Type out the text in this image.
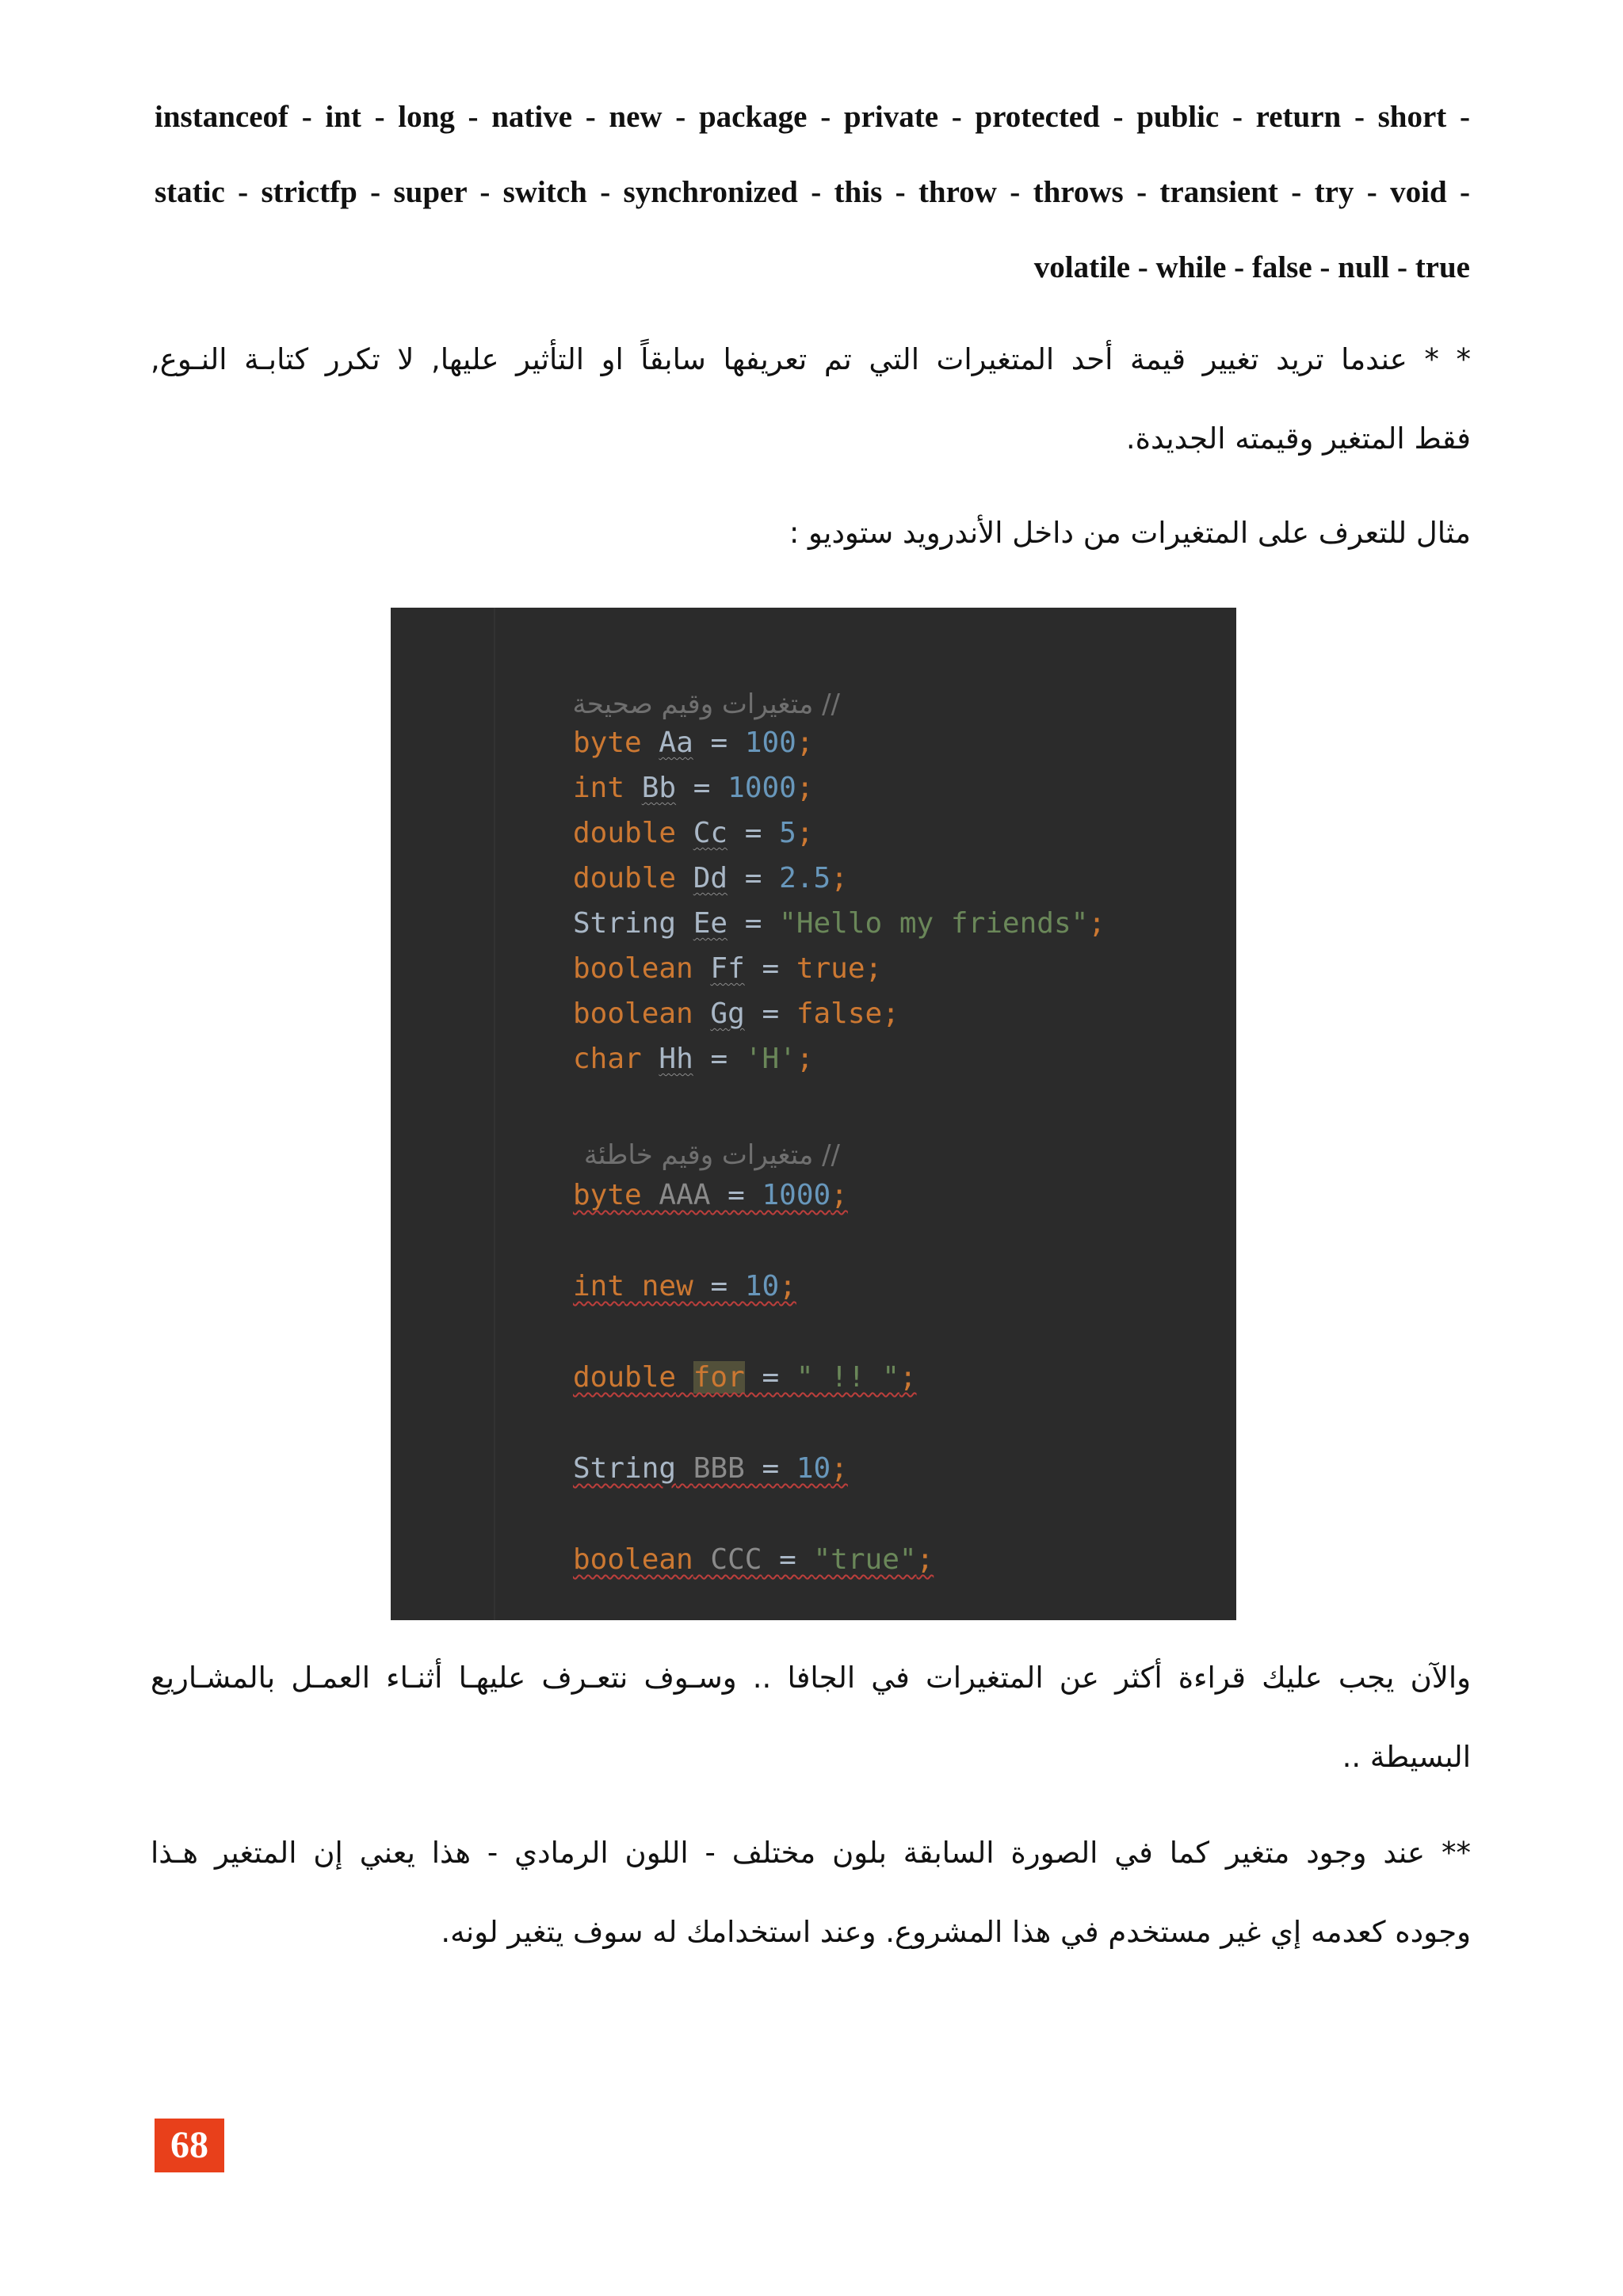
instanceof - int - long - native - new - package - private - protected - public - return - short -
static - strictfp - super - switch - synchronized - this - throw - throws - transient - try - void -
volatile - while - false - null - true
* * عندما تريد تغيير قيمة أحد المتغيرات التي تم تعريفها سابقاً او التأثير عليها, لا تكرر كتابـة النـوع,
فقط المتغير وقيمته الجديدة.
مثال للتعرف على المتغيرات من داخل الأندرويد ستوديو :
// متغيرات وقيم صحيحة
byte Aa = 100;
int Bb = 1000;
double Cc = 5;
double Dd = 2.5;
String Ee = "Hello my friends";
boolean Ff = true;
boolean Gg = false;
char Hh = 'H';
// متغيرات وقيم خاطئة
byte AAA = 1000;
int new = 10;
double for = " !! ";
String BBB = 10;
boolean CCC = "true";
والآن يجب عليك قراءة أكثر عن المتغيرات في الجافا .. وسـوف نتعـرف عليهـا أثنـاء العمـل بالمشـاريع
البسيطة ..
** عند وجود متغير كما في الصورة السابقة بلون مختلف - اللون الرمادي - هذا يعني إن المتغير هـذا
وجوده كعدمه إي غير مستخدم في هذا المشروع. وعند استخدامك له سوف يتغير لونه.
68
